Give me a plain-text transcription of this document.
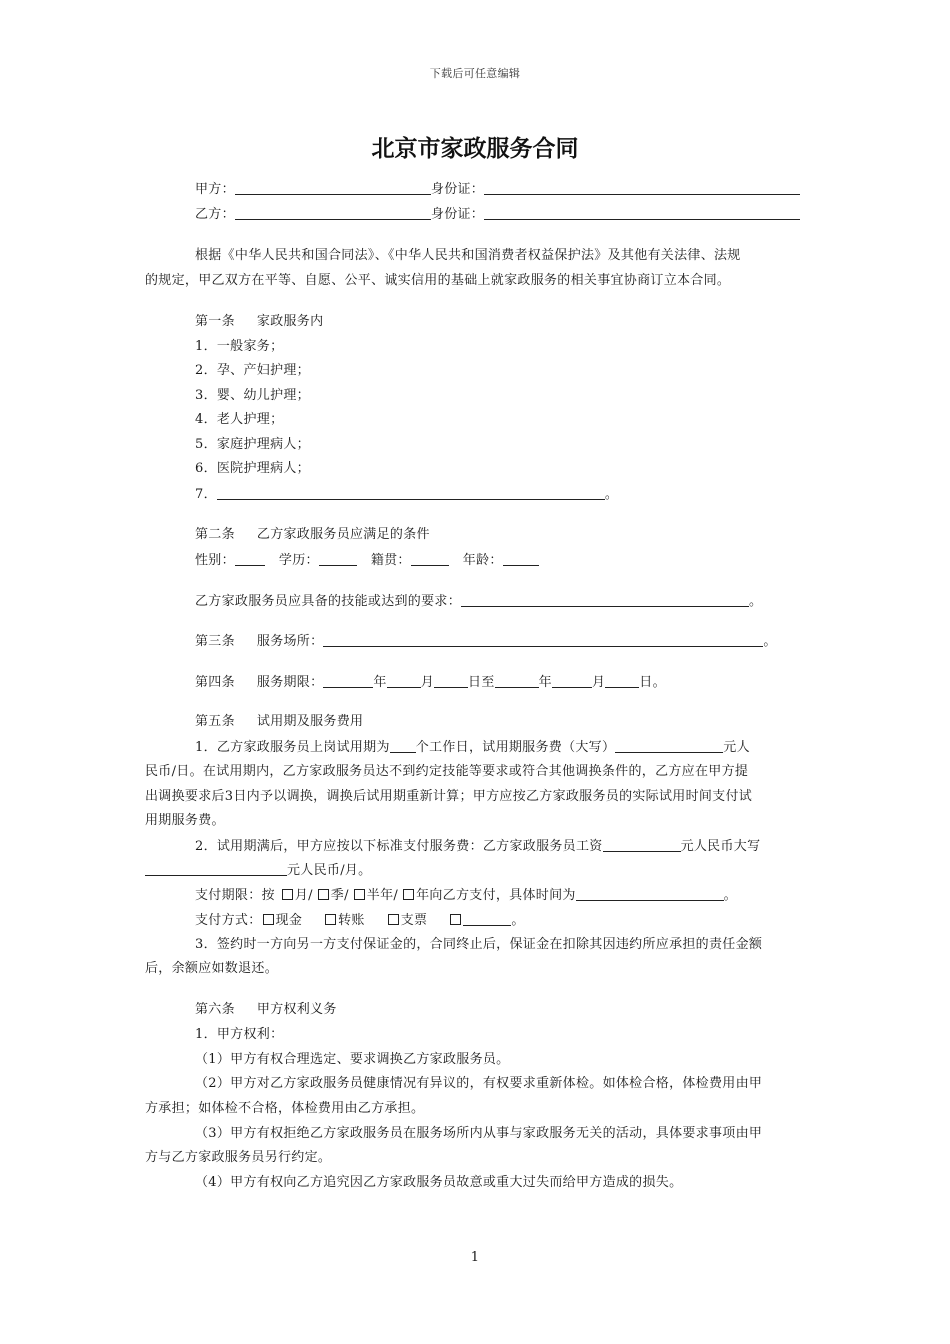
下载后可任意编辑
北京市家政服务合同
甲方：	身份证：
乙方：	身份证：
根据《中华人民共和国合同法》、《中华人民共和国消费者权益保护法》及其他有关法律、法规
的规定，甲乙双方在平等、自愿、公平、诚实信用的基础上就家政服务的相关事宜协商订立本合同。
第一条 家政服务内
1．一般家务；
2．孕、产妇护理；
3．婴、幼儿护理；
4．老人护理；
5．家庭护理病人；
6．医院护理病人；
7．	。
第二条 乙方家政服务员应满足的条件
性别：	学历：	籍贯：	年龄：
乙方家政服务员应具备的技能或达到的要求：	。
第三条 服务场所：	。
第四条 服务期限：	年	月	日至	年	月	日。
第五条 试用期及服务费用
1．乙方家政服务员上岗试用期为 个工作日，试用期服务费（大写）	元人
民币/日。在试用期内，乙方家政服务员达不到约定技能等要求或符合其他调换条件的，乙方应在甲方提
出调换要求后3日内予以调换，调换后试用期重新计算；甲方应按乙方家政服务员的实际试用时间支付试
用期服务费。
2．试用期满后，甲方应按以下标准支付服务费：乙方家政服务员工资	元人民币大写
元人民币/月。
支付期限：按 月/ 季/ 半年/ 年向乙方支付，具体时间为	。
支付方式： 现金	转账	支票	。
3．签约时一方向另一方支付保证金的，合同终止后，保证金在扣除其因违约所应承担的责任金额
后，余额应如数退还。
第六条 甲方权利义务
1．甲方权利：
（1）甲方有权合理选定、要求调换乙方家政服务员。
（2）甲方对乙方家政服务员健康情况有异议的，有权要求重新体检。如体检合格，体检费用由甲
方承担；如体检不合格，体检费用由乙方承担。
（3）甲方有权拒绝乙方家政服务员在服务场所内从事与家政服务无关的活动，具体要求事项由甲
方与乙方家政服务员另行约定。
（4）甲方有权向乙方追究因乙方家政服务员故意或重大过失而给甲方造成的损失。
1
